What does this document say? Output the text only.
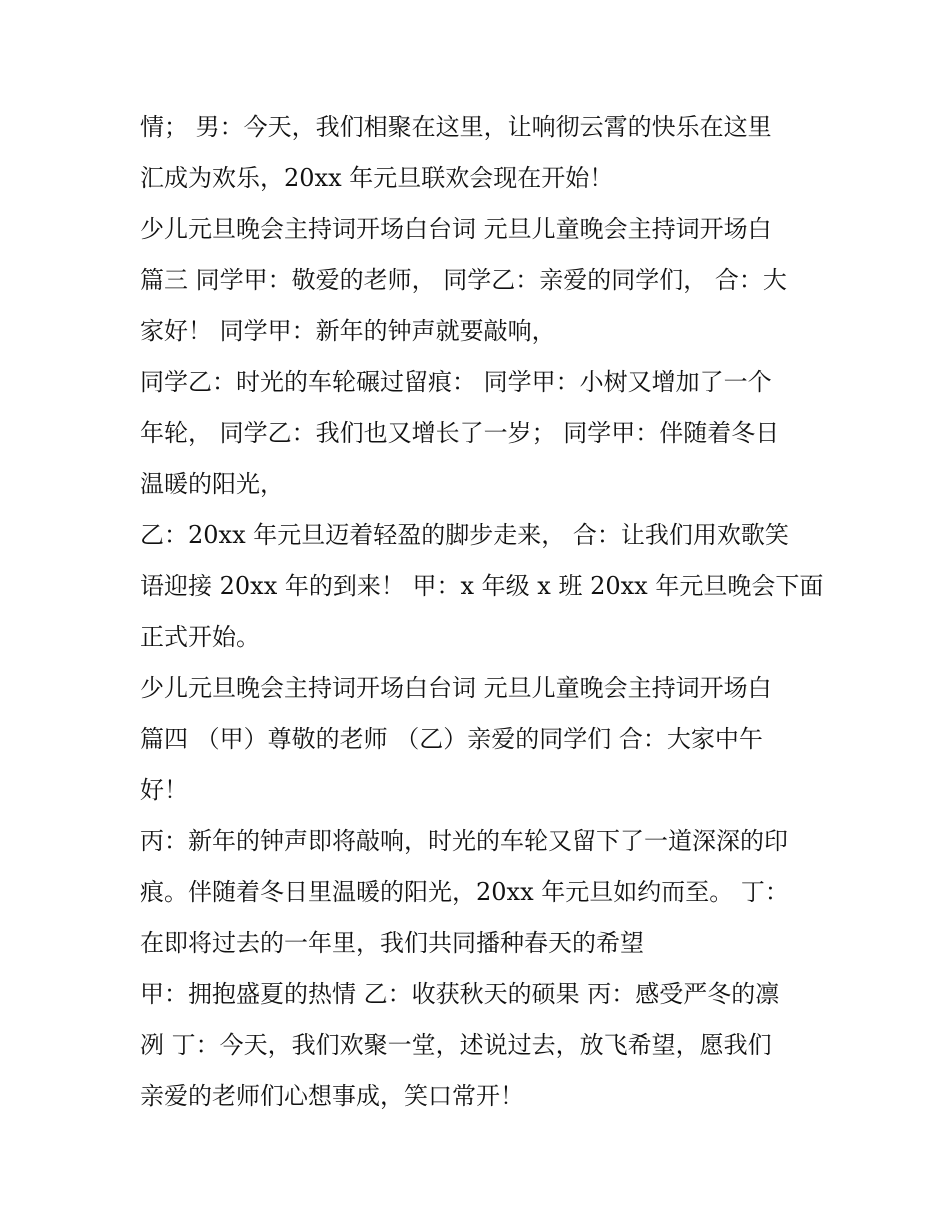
情； 男：今天，我们相聚在这里，让响彻云霄的快乐在这里
汇成为欢乐，20xx 年元旦联欢会现在开始！
少儿元旦晚会主持词开场白台词 元旦儿童晚会主持词开场白
篇三 同学甲：敬爱的老师， 同学乙：亲爱的同学们， 合：大
家好！ 同学甲：新年的钟声就要敲响，
同学乙：时光的车轮碾过留痕： 同学甲：小树又增加了一个
年轮， 同学乙：我们也又增长了一岁； 同学甲：伴随着冬日
温暖的阳光，
乙：20xx 年元旦迈着轻盈的脚步走来， 合：让我们用欢歌笑
语迎接 20xx 年的到来！ 甲：x 年级 x 班 20xx 年元旦晚会下面
正式开始。
少儿元旦晚会主持词开场白台词 元旦儿童晚会主持词开场白
篇四 （甲）尊敬的老师 （乙）亲爱的同学们 合：大家中午
好！
丙：新年的钟声即将敲响，时光的车轮又留下了一道深深的印
痕。伴随着冬日里温暖的阳光，20xx 年元旦如约而至。 丁：
在即将过去的一年里，我们共同播种春天的希望
甲：拥抱盛夏的热情 乙：收获秋天的硕果 丙：感受严冬的凛
冽 丁：今天，我们欢聚一堂，述说过去，放飞希望，愿我们
亲爱的老师们心想事成，笑口常开！
